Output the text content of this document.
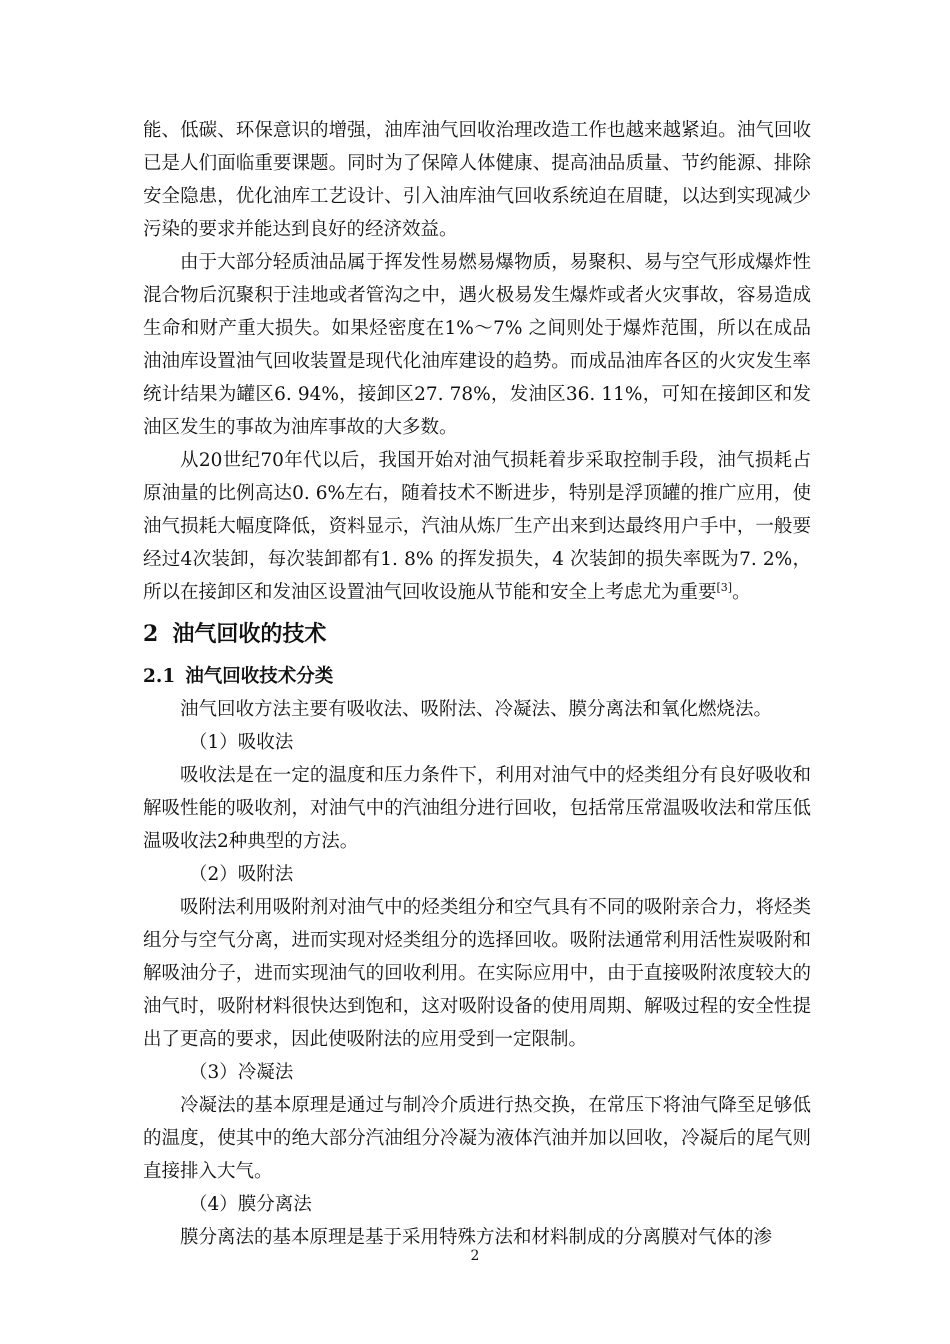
能、低碳、环保意识的增强，油库油气回收治理改造工作也越来越紧迫。油气回收已是人们面临重要课题。同时为了保障人体健康、提高油品质量、节约能源、排除安全隐患，优化油库工艺设计、引入油库油气回收系统迫在眉睫，以达到实现减少污染的要求并能达到良好的经济效益。

由于大部分轻质油品属于挥发性易燃易爆物质，易聚积、易与空气形成爆炸性混合物后沉聚积于洼地或者管沟之中，遇火极易发生爆炸或者火灾事故，容易造成生命和财产重大损失。如果烃密度在1%～7% 之间则处于爆炸范围，所以在成品油油库设置油气回收装置是现代化油库建设的趋势。而成品油库各区的火灾发生率统计结果为罐区6. 94%，接卸区27. 78%，发油区36. 11%，可知在接卸区和发油区发生的事故为油库事故的大多数。

从20世纪70年代以后，我国开始对油气损耗着步采取控制手段，油气损耗占原油量的比例高达0. 6%左右，随着技术不断进步，特别是浮顶罐的推广应用，使油气损耗大幅度降低，资料显示，汽油从炼厂生产出来到达最终用户手中，一般要经过4次装卸，每次装卸都有1. 8% 的挥发损失，4 次装卸的损失率既为7. 2%，所以在接卸区和发油区设置油气回收设施从节能和安全上考虑尤为重要[3]。

2 油气回收的技术
2.1 油气回收技术分类

油气回收方法主要有吸收法、吸附法、冷凝法、膜分离法和氧化燃烧法。

（1）吸收法

吸收法是在一定的温度和压力条件下，利用对油气中的烃类组分有良好吸收和解吸性能的吸收剂，对油气中的汽油组分进行回收，包括常压常温吸收法和常压低温吸收法2种典型的方法。

（2）吸附法

吸附法利用吸附剂对油气中的烃类组分和空气具有不同的吸附亲合力，将烃类组分与空气分离，进而实现对烃类组分的选择回收。吸附法通常利用活性炭吸附和解吸油分子，进而实现油气的回收利用。在实际应用中，由于直接吸附浓度较大的油气时，吸附材料很快达到饱和，这对吸附设备的使用周期、解吸过程的安全性提出了更高的要求，因此使吸附法的应用受到一定限制。

（3）冷凝法

冷凝法的基本原理是通过与制冷介质进行热交换，在常压下将油气降至足够低的温度，使其中的绝大部分汽油组分冷凝为液体汽油并加以回收，冷凝后的尾气则直接排入大气。

（4）膜分离法

膜分离法的基本原理是基于采用特殊方法和材料制成的分离膜对气体的渗

2
